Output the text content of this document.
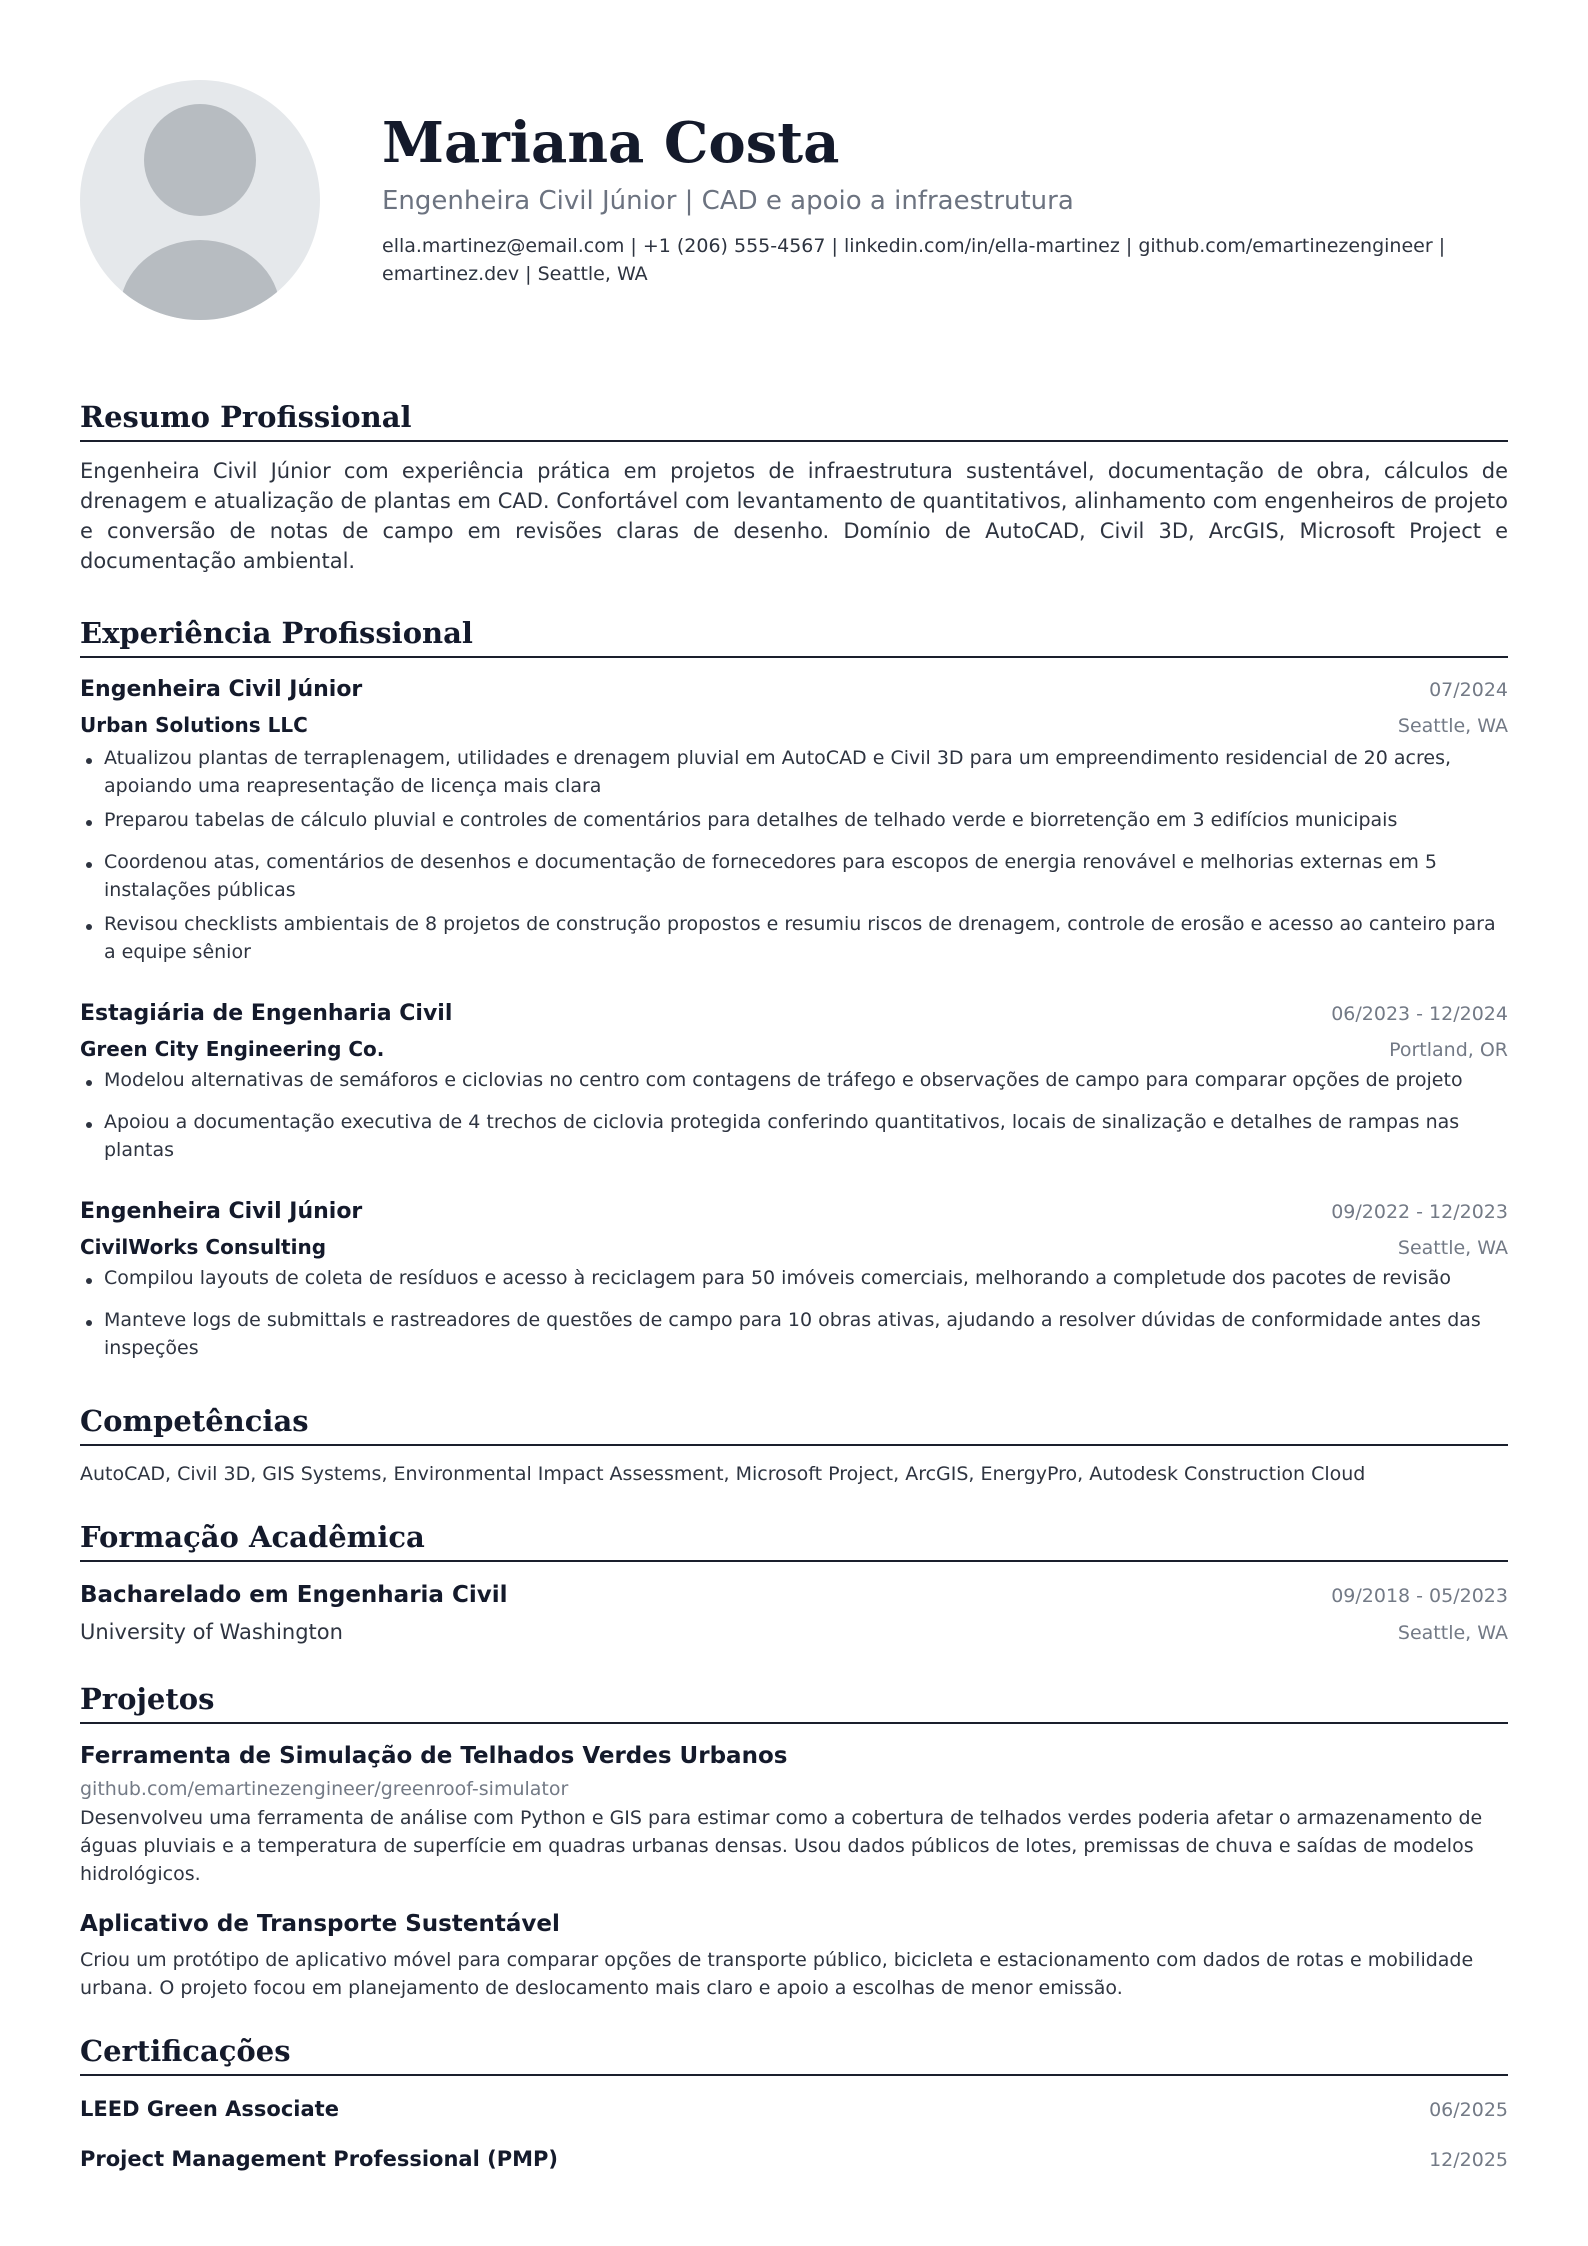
Mariana Costa
Engenheira Civil Júnior | CAD e apoio a infraestrutura
ella.martinez@email.com | +1 (206) 555-4567 | linkedin.com/in/ella-martinez | github.com/emartinezengineer |
emartinez.dev | Seattle, WA
Resumo Profissional
Engenheira Civil Júnior com experiência prática em projetos de infraestrutura sustentável, documentação de obra, cálculos de drenagem e atualização de plantas em CAD. Confortável com levantamento de quantitativos, alinhamento com engenheiros de projeto e conversão de notas de campo em revisões claras de desenho. Domínio de AutoCAD, Civil 3D, ArcGIS, Microsoft Project e documentação ambiental.
Experiência Profissional
Engenheira Civil Júnior	07/2024
Urban Solutions LLC	Seattle, WA
Atualizou plantas de terraplenagem, utilidades e drenagem pluvial em AutoCAD e Civil 3D para um empreendimento residencial de 20 acres, apoiando uma reapresentação de licença mais clara
Preparou tabelas de cálculo pluvial e controles de comentários para detalhes de telhado verde e biorretenção em 3 edifícios municipais
Coordenou atas, comentários de desenhos e documentação de fornecedores para escopos de energia renovável e melhorias externas em 5 instalações públicas
Revisou checklists ambientais de 8 projetos de construção propostos e resumiu riscos de drenagem, controle de erosão e acesso ao canteiro para a equipe sênior
Estagiária de Engenharia Civil	06/2023 - 12/2024
Green City Engineering Co.	Portland, OR
Modelou alternativas de semáforos e ciclovias no centro com contagens de tráfego e observações de campo para comparar opções de projeto
Apoiou a documentação executiva de 4 trechos de ciclovia protegida conferindo quantitativos, locais de sinalização e detalhes de rampas nas plantas
Engenheira Civil Júnior	09/2022 - 12/2023
CivilWorks Consulting	Seattle, WA
Compilou layouts de coleta de resíduos e acesso à reciclagem para 50 imóveis comerciais, melhorando a completude dos pacotes de revisão
Manteve logs de submittals e rastreadores de questões de campo para 10 obras ativas, ajudando a resolver dúvidas de conformidade antes das inspeções
Competências
AutoCAD, Civil 3D, GIS Systems, Environmental Impact Assessment, Microsoft Project, ArcGIS, EnergyPro, Autodesk Construction Cloud
Formação Acadêmica
Bacharelado em Engenharia Civil	09/2018 - 05/2023
University of Washington	Seattle, WA
Projetos
Ferramenta de Simulação de Telhados Verdes Urbanos
github.com/emartinezengineer/greenroof-simulator
Desenvolveu uma ferramenta de análise com Python e GIS para estimar como a cobertura de telhados verdes poderia afetar o armazenamento de águas pluviais e a temperatura de superfície em quadras urbanas densas. Usou dados públicos de lotes, premissas de chuva e saídas de modelos hidrológicos.
Aplicativo de Transporte Sustentável
Criou um protótipo de aplicativo móvel para comparar opções de transporte público, bicicleta e estacionamento com dados de rotas e mobilidade urbana. O projeto focou em planejamento de deslocamento mais claro e apoio a escolhas de menor emissão.
Certificações
LEED Green Associate	06/2025
Project Management Professional (PMP)	12/2025
